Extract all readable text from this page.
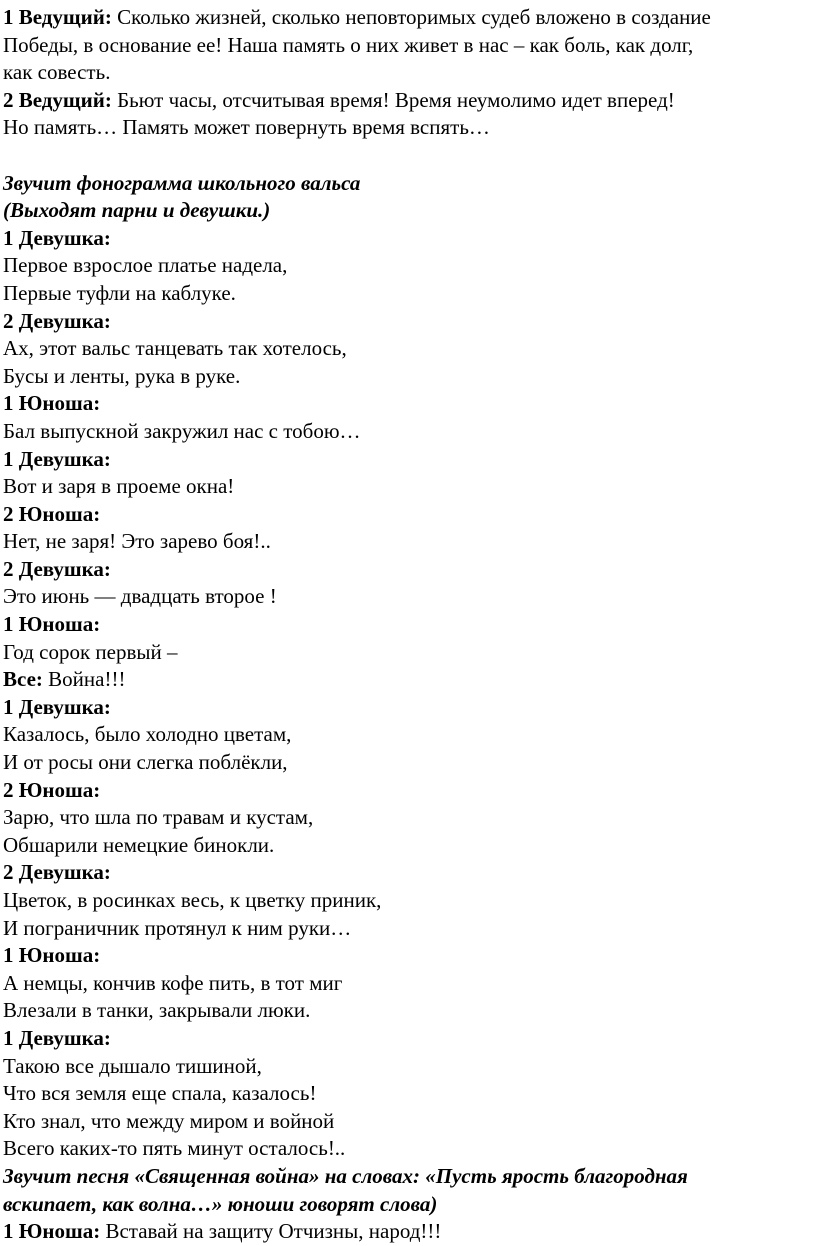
1 Ведущий: Сколько жизней, сколько неповторимых судеб вложено в создание
Победы, в основание ее! Наша память о них живет в нас – как боль, как долг,
как совесть.
2 Ведущий: Бьют часы, отсчитывая время! Время неумолимо идет вперед!
Но память… Память может повернуть время вспять…
Звучит фонограмма школьного вальса
(Выходят парни и девушки.)
1 Девушка:
Первое взрослое платье надела,
Первые туфли на каблуке.
2 Девушка:
Ах, этот вальс танцевать так хотелось,
Бусы и ленты, рука в руке.
1 Юноша:
Бал выпускной закружил нас с тобою…
1 Девушка:
Вот и заря в проеме окна!
2 Юноша:
Нет, не заря! Это зарево боя!..
2 Девушка:
Это июнь — двадцать второе !
1 Юноша:
Год сорок первый –
Все: Война!!!
1 Девушка:
Казалось, было холодно цветам,
И от росы они слегка поблёкли,
2 Юноша:
Зарю, что шла по травам и кустам,
Обшарили немецкие бинокли.
2 Девушка:
Цветок, в росинках весь, к цветку приник,
И пограничник протянул к ним руки…
1 Юноша:
А немцы, кончив кофе пить, в тот миг
Влезали в танки, закрывали люки.
1 Девушка:
Такою все дышало тишиной,
Что вся земля еще спала, казалось!
Кто знал, что между миром и войной
Всего каких-то пять минут осталось!..
Звучит песня «Священная война» на словах: «Пусть ярость благородная
вскипает, как волна…» юноши говорят слова)
1 Юноша: Вставай на защиту Отчизны, народ!!!
